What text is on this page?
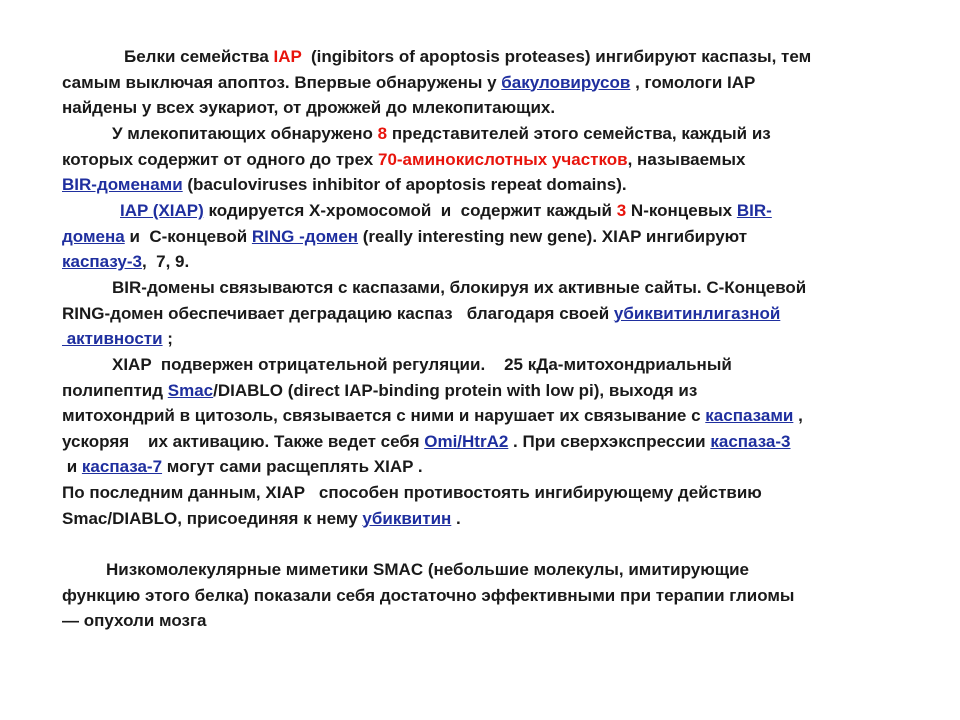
Белки семейства IAP  (ingibitors of apoptosis proteases) ингибируют каспазы, тем
самым выключая апоптоз. Впервые обнаружены у бакуловирусов , гомологи IAP
найдены у всех эукариот, от дрожжей до млекопитающих.
У млекопитающих обнаружено 8 представителей этого семейства, каждый из
которых содержит от одного до трех 70-аминокислотных участков, называемых
BIR-доменами (baculoviruses inhibitor of apoptosis repeat domains).
IAP (XIAP) кодируется Х-хромосомой  и  содержит каждый 3 N-концевых BIR-
домена и  С-концевой RING -домен (really interesting new gene). XIAP ингибируют
каспазу-3,  7, 9.
BIR-домены связываются с каспазами, блокируя их активные сайты. С-Концевой
RING-домен обеспечивает деградацию каспаз   благодаря своей убиквитинлигазной
активности ;
XIAP  подвержен отрицательной регуляции.    25 кДа-митохондриальный
полипептид Smac/DIABLO (direct IAP-binding protein with low pi), выходя из
митохондрий в цитозоль, связывается с ними и нарушает их связывание с каспазами ,
ускоряя    их активацию. Также ведет себя Omi/HtrA2 . При сверхэкспрессии каспаза-3
и каспаза-7 могут сами расщеплять XIAP .
По последним данным, XIAP   способен противостоять ингибирующему действию
Smac/DIABLO, присоединяя к нему убиквитин .
Низкомолекулярные миметики SMAC (небольшие молекулы, имитирующие
функцию этого белка) показали себя достаточно эффективными при терапии глиомы
— опухоли мозга
